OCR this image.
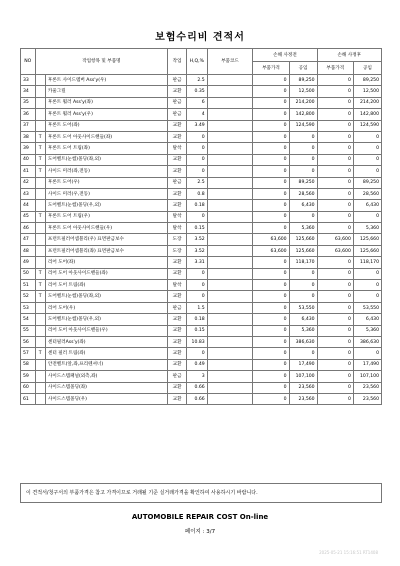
보험수리비 견적서
NO	작업항목 및 부품명		작업	H,Q,%	부품코드	손해 사정전		손해 사정후	
						부품가격	공임	부품가격	공임
33		후론트 사이드멤버 Ass'y(우)	판금	2.5		0	89,250	0	89,250
34		카울그릴	교환	0.35		0	12,500	0	12,500
35		후론트 휠러 Ass'y(좌)	판금	6		0	214,200	0	214,200
36		후론트 휠러 Ass'y(우)	판금	4		0	142,800	0	142,800
37		후론트 도어(좌)	교환	3.49		0	124,590	0	124,590
38	T	후론트 도어 아웃사이드핸들(좌)	교환	0		0	0	0	0
39	T	후론트 도어 트림(좌)	탈착	0		0	0	0	0
40	T	도어벨트(눈썹)몰딩(좌,외)	교환	0		0	0	0	0
41	T	사이드 미러(좌,전동)	교환	0		0	0	0	0
42		후론트 도어(우)	판금	2.5		0	89,250	0	89,250
43		사이드 미러(우,전동)	교환	0.8		0	28,560	0	28,560
44		도어벨트(눈썹)몰딩(우,외)	교환	0.18		0	6,430	0	6,430
45	T	후론트 도어 트림(우)	탈착	0		0	0	0	0
46		후론트 도어 아웃사이드핸들(우)	탈착	0.15		0	5,360	0	5,360
47		프런트필러어셈블리(우) 표면판금보수	도장	3.52		63,600	125,660	63,600	125,660
48		프런트필러어셈블리(좌) 표면판금보수	도장	3.52		63,600	125,660	63,600	125,660
49		리어 도어(좌)	교환	3.31		0	118,170	0	118,170
50	T	리어 도어 아웃사이드핸들(좌)	교환	0		0	0	0	0
51	T	리어 도어 트림(좌)	탈착	0		0	0	0	0
52	T	도어벨트(눈썹)몰딩(좌,외)	교환	0		0	0	0	0
53		리어 도어(우)	판금	1.5		0	53,550	0	53,550
54		도어벨트(눈썹)몰딩(우,외)	교환	0.18		0	6,430	0	6,430
55		리어 도어 아웃사이드핸들(우)	교환	0.15		0	5,360	0	5,360
56		센터필러Ass'y(좌)	교환	10.83		0	386,630	0	386,630
57	T	센터 필러 트림(좌)	교환	0		0	0	0	0
58		안전벨트(앞,좌,프리텐셔너)	교환	0.49		0	17,490	0	17,490
59		사이드스텝패널(외측,좌)	판금	3		0	107,100	0	107,100
60		사이드스텝몰딩(좌)	교환	0.66		0	23,560	0	23,560
61		사이드스텝몰딩(우)	교환	0.66		0	23,560	0	23,560
이 견적서/청구서의 부품가격은 참고 가격이므로 거래될 기준 실거래가격을 확인하여 사용하시기 바랍니다.
AUTOMOBILE REPAIR COST On-line
페이지 : 3/7
2025-05-21 15:16:51 RT1408
